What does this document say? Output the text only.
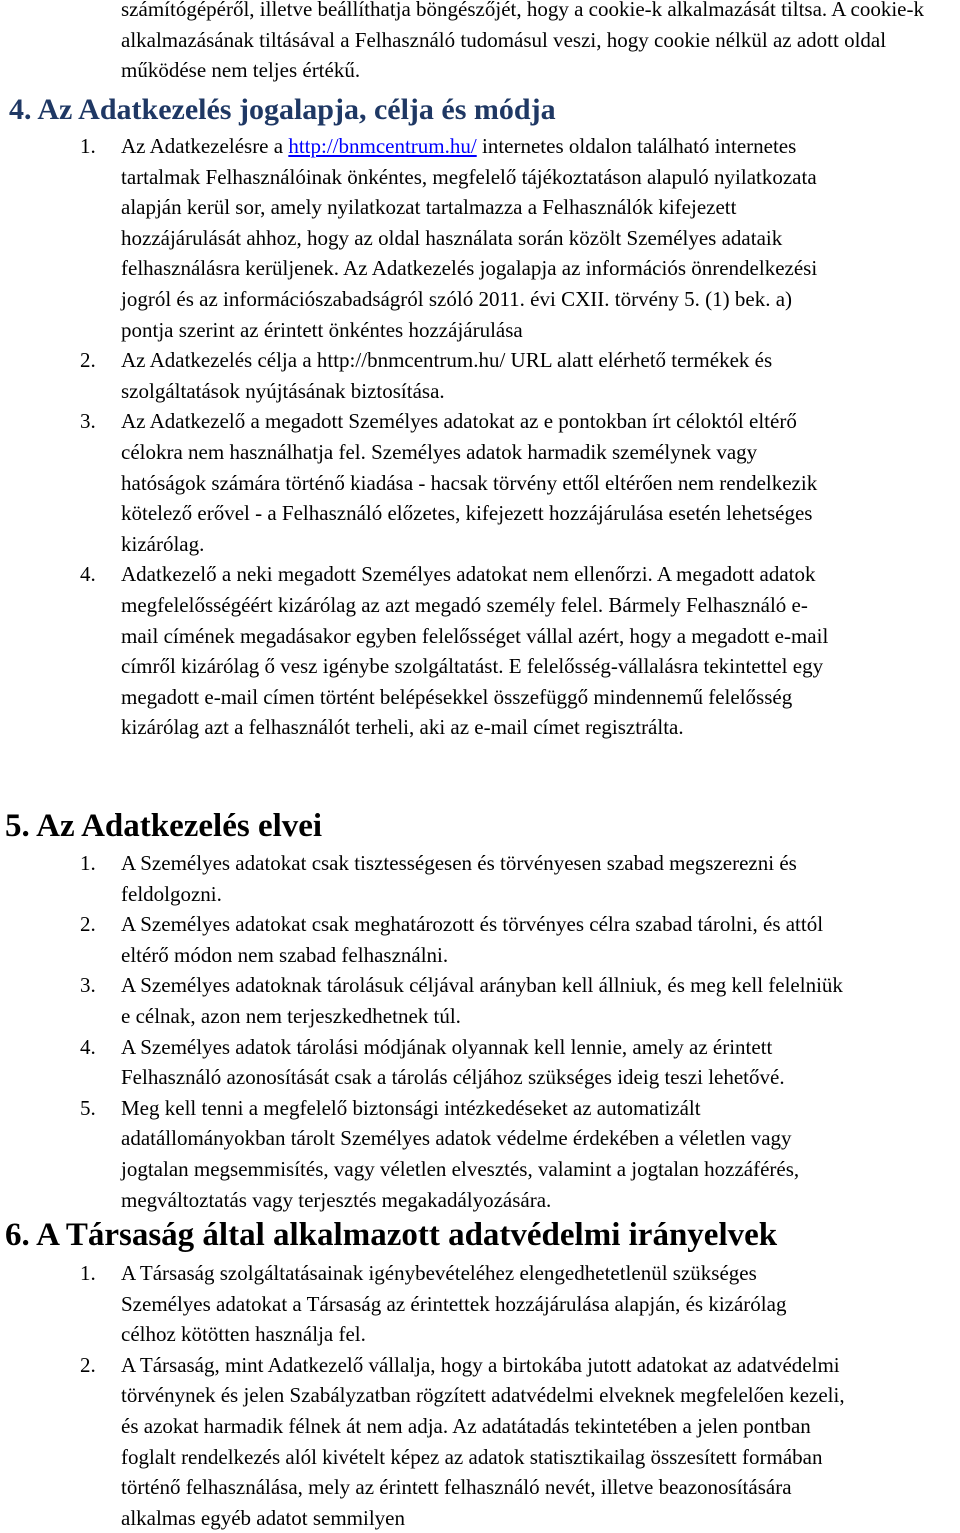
számítógépéről, illetve beállíthatja böngészőjét, hogy a cookie-k alkalmazását tiltsa. A cookie-k alkalmazásának tiltásával a Felhasználó tudomásul veszi, hogy cookie nélkül az adott oldal működése nem teljes értékű.

4. Az Adatkezelés jogalapja, célja és módja
1. Az Adatkezelésre a http://bnmcentrum.hu/ internetes oldalon található internetes tartalmak Felhasználóinak önkéntes, megfelelő tájékoztatáson alapuló nyilatkozata alapján kerül sor, amely nyilatkozat tartalmazza a Felhasználók kifejezett hozzájárulását ahhoz, hogy az oldal használata során közölt Személyes adataik felhasználásra kerüljenek. Az Adatkezelés jogalapja az információs önrendelkezési jogról és az információszabadságról szóló 2011. évi CXII. törvény 5. (1) bek. a) pontja szerint az érintett önkéntes hozzájárulása
2. Az Adatkezelés célja a http://bnmcentrum.hu/ URL alatt elérhető termékek és szolgáltatások nyújtásának biztosítása.
3. Az Adatkezelő a megadott Személyes adatokat az e pontokban írt céloktól eltérő célokra nem használhatja fel. Személyes adatok harmadik személynek vagy hatóságok számára történő kiadása - hacsak törvény ettől eltérően nem rendelkezik kötelező erővel - a Felhasználó előzetes, kifejezett hozzájárulása esetén lehetséges kizárólag.
4. Adatkezelő a neki megadott Személyes adatokat nem ellenőrzi. A megadott adatok megfelelősségéért kizárólag az azt megadó személy felel. Bármely Felhasználó e-mail címének megadásakor egyben felelősséget vállal azért, hogy a megadott e-mail címről kizárólag ő vesz igénybe szolgáltatást. E felelősség-vállalásra tekintettel egy megadott e-mail címen történt belépésekkel összefüggő mindennemű felelősség kizárólag azt a felhasználót terheli, aki az e-mail címet regisztrálta.
5. Az Adatkezelés elvei
1. A Személyes adatokat csak tisztességesen és törvényesen szabad megszerezni és feldolgozni.
2. A Személyes adatokat csak meghatározott és törvényes célra szabad tárolni, és attól eltérő módon nem szabad felhasználni.
3. A Személyes adatoknak tárolásuk céljával arányban kell állniuk, és meg kell felelniük e célnak, azon nem terjeszkedhetnek túl.
4. A Személyes adatok tárolási módjának olyannak kell lennie, amely az érintett Felhasználó azonosítását csak a tárolás céljához szükséges ideig teszi lehetővé.
5. Meg kell tenni a megfelelő biztonsági intézkedéseket az automatizált adatállományokban tárolt Személyes adatok védelme érdekében a véletlen vagy jogtalan megsemmisítés, vagy véletlen elvesztés, valamint a jogtalan hozzáférés, megváltoztatás vagy terjesztés megakadályozására.
6. A Társaság által alkalmazott adatvédelmi irányelvek
1. A Társaság szolgáltatásainak igénybevételéhez elengedhetetlenül szükséges Személyes adatokat a Társaság az érintettek hozzájárulása alapján, és kizárólag célhoz kötötten használja fel.
2. A Társaság, mint Adatkezelő vállalja, hogy a birtokába jutott adatokat az adatvédelmi törvénynek és jelen Szabályzatban rögzített adatvédelmi elveknek megfelelően kezeli, és azokat harmadik félnek át nem adja. Az adatátadás tekintetében a jelen pontban foglalt rendelkezés alól kivételt képez az adatok statisztikailag összesített formában történő felhasználása, mely az érintett felhasználó nevét, illetve beazonosítására alkalmas egyéb adatot semmilyen
